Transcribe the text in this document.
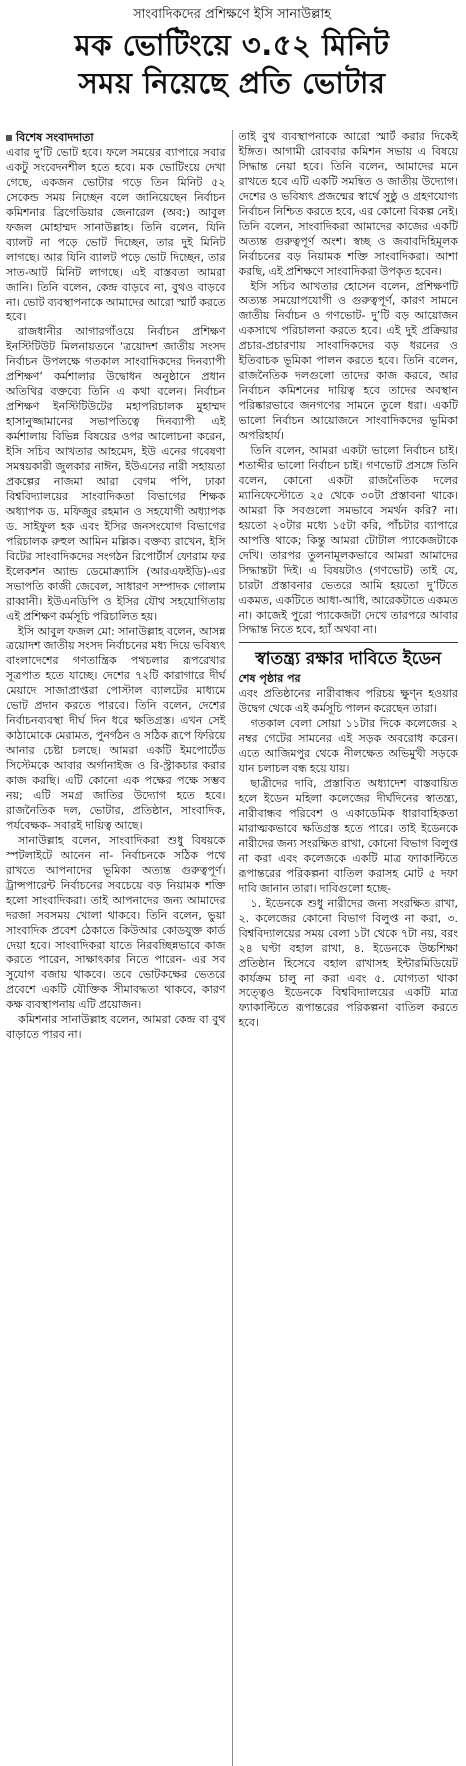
সাংবাদিকদের প্রশিক্ষণে ইসি সানাউল্লাহ
মক ভোটিংয়ে ৩.৫২ মিনিট
সময় নিয়েছে প্রতি ভোটার
বিশেষ সংবাদদাতা

এবার দু’টি ভোট হবে। ফলে সময়ের ব্যাপারে সবার একটু সংবেদনশীল হতে হবে। মক ভোটিংয়ে দেখা গেছে, একজন ভোটার গড়ে তিন মিনিট ৫২ সেকেন্ড সময় নিচ্ছেন বলে জানিয়েছেন নির্বাচন কমিশনার ব্রিগেডিয়ার জেনারেল (অব:) আবুল ফজল মোহাম্মদ সানাউল্লাহ। তিনি বলেন, যিনি ব্যালট না পড়ে ভোট দিচ্ছেন, তার দুই মিনিট লাগছে। আর যিনি ব্যালট পড়ে ভোট দিচ্ছেন, তার সাত-আট মিনিট লাগছে। এই বাস্তবতা আমরা জানি। তিনি বলেন, কেন্দ্র বাড়বে না, বুথও বাড়বে না। ভোট ব্যবস্থাপনাকে আমাদের আরো স্মার্ট করতে হবে।

রাজধানীর আগারগাঁওয়ে নির্বাচন প্রশিক্ষণ ইনস্টিটিউট মিলনায়তনে ‘ত্রয়োদশ জাতীয় সংসদ নির্বাচন উপলক্ষে গতকাল সাংবাদিকদের দিনব্যাপী প্রশিক্ষণ’ কর্মশালার উদ্বোধন অনুষ্ঠানে প্রধান অতিথির বক্তব্যে তিনি এ কথা বলেন। নির্বাচন প্রশিক্ষণ ইনস্টিটিউটের মহাপরিচালক মুহাম্মদ হাসানুজ্জামানের সভাপতিত্বে দিনব্যাপী এই কর্মশালায় বিভিন্ন বিষয়ের ওপর আলোচনা করেন, ইসি সচিব আখতার আহমেদ, ইউ এনের গবেষণা সমন্বয়কারী জুলকার নাঈন, ইউএনের নারী সহায়তা প্রকল্পের নাজমা আরা বেগম পপি, ঢাকা বিশ্ববিদ্যালয়ের সাংবাদিকতা বিভাগের শিক্ষক অধ্যাপক ড. মফিজুর রহমান ও সহযোগী অধ্যাপক ড. সাইফুল হক এবং ইসির জনসংযোগ বিভাগের পরিচালক রুহুল আমিন মল্লিক। বক্তব্য রাখেন, ইসি বিটের সাংবাদিকদের সংগঠন রিপোর্টার্স ফোরাম ফর ইলেকশন অ্যান্ড ডেমোক্র্যাসি (আরএফইডি)-এর সভাপতি কাজী জেবেল, সাধারণ সম্পাদক গোলাম রাব্বানী। ইউএনডিপি ও ইসির যৌথ সহযোগিতায় এই প্রশিক্ষণ কর্মসূচি পরিচালিত হয়।

ইসি আবুল ফজল মো: সানাউল্লাহ বলেন, আসন্ন ত্রয়োদশ জাতীয় সংসদ নির্বাচনের মধ্য দিয়ে ভবিষ্যৎ বাংলাদেশের গণতান্ত্রিক পথচলার রূপরেখার সূত্রপাত হতে যাচ্ছে। দেশের ৭২টি কারাগারে দীর্ঘ মেয়াদে সাজাপ্রাপ্তরা পোস্টাল ব্যালটের মাধ্যমে ভোট প্রদান করতে পারবে। তিনি বলেন, দেশের নির্বাচনব্যবস্থা দীর্ঘ দিন ধরে ক্ষতিগ্রস্ত। এখন সেই কাঠামোকে মেরামত, পুনর্গঠন ও সঠিক রূপে ফিরিয়ে আনার চেষ্টা চলছে। আমরা একটি ইমপোর্টেড সিস্টেমকে আবার অর্গানাইজ ও রি-স্ট্রাকচার করার কাজ করছি। এটি কোনো এক পক্ষের পক্ষে সম্ভব নয়; এটি সমগ্র জাতির উদ্যোগ হতে হবে। রাজনৈতিক দল, ভোটার, প্রতিষ্ঠান, সাংবাদিক, পর্যবেক্ষক- সবারই দায়িত্ব আছে।

সানাউল্লাহ বলেন, সাংবাদিকরা শুধু বিষয়কে স্পটলাইটে আনেন না- নির্বাচনকে সঠিক পথে রাখতে আপনাদের ভূমিকা অত্যন্ত গুরুত্বপূর্ণ। ট্রান্সপারেন্ট নির্বাচনের সবচেয়ে বড় নিয়ামক শক্তি হলো সাংবাদিকরা। তাই আপনাদের জন্য আমাদের দরজা সবসময় খোলা থাকবে। তিনি বলেন, ভুয়া সাংবাদিক প্রবেশ ঠেকাতে কিউআর কোডযুক্ত কার্ড দেয়া হবে। সাংবাদিকরা যাতে নিরবচ্ছিন্নভাবে কাজ করতে পারেন, সাক্ষাৎকার নিতে পারেন- এর সব সুযোগ বজায় থাকবে। তবে ভোটকক্ষের ভেতরে প্রবেশে একটি যৌক্তিক সীমাবদ্ধতা থাকবে, কারণ কক্ষ ব্যবস্থাপনায় এটি প্রয়োজন।

কমিশনার সানাউল্লাহ বলেন, আমরা কেন্দ্র বা বুথ বাড়াতে পারব না।

তাই বুথ ব্যবস্থাপনাকে আরো স্মার্ট করার দিকেই ইঙ্গিত। আগামী রোববার কমিশন সভায় এ বিষয়ে সিদ্ধান্ত নেয়া হবে। তিনি বলেন, আমাদের মনে রাখতে হবে এটি একটি সমন্বিত ও জাতীয় উদ্যোগ। দেশের ও ভবিষ্যৎ প্রজন্মের স্বার্থে সুষ্ঠু ও গ্রহণযোগ্য নির্বাচন নিশ্চিত করতে হবে, এর কোনো বিকল্প নেই। তিনি বলেন, সাংবাদিকরা আমাদের কাজের একটি অত্যন্ত গুরুত্বপূর্ণ অংশ। স্বচ্ছ ও জবাবদিহিমূলক নির্বাচনের বড় নিয়ামক শক্তি সাংবাদিকরা। আশা করছি, এই প্রশিক্ষণে সাংবাদিকরা উপকৃত হবেন।

ইসি সচিব আখতার হোসেন বলেন, প্রশিক্ষণটি অত্যন্ত সময়োপযোগী ও গুরুত্বপূর্ণ, কারণ সামনে জাতীয় নির্বাচন ও গণভোট- দু’টি বড় আয়োজন একসাথে পরিচালনা করতে হবে। এই দুই প্রক্রিয়ার প্রচার-প্রচারণায় সাংবাদিকদের বড় ধরনের ও ইতিবাচক ভূমিকা পালন করতে হবে। তিনি বলেন, রাজনৈতিক দলগুলো তাদের কাজ করবে, আর নির্বাচন কমিশনের দায়িত্ব হবে তাদের অবস্থান পরিষ্কারভাবে জনগণের সামনে তুলে ধরা। একটি ভালো নির্বাচন আয়োজনে সাংবাদিকদের ভূমিকা অপরিহার্য।

তিনি বলেন, আমরা একটা ভালো নির্বাচন চাই। শতাব্দীর ভালো নির্বাচন চাই। গণভোট প্রসঙ্গে তিনি বলেন, কোনো একটা রাজনৈতিক দলের ম্যানিফেস্টোতে ২৫ থেকে ৩০টা প্রস্তাবনা থাকে। আমরা কি সবগুলো সমভাবে সমর্থন করি? না। হয়তো ২০টার মধ্যে ১৫টা করি, পাঁচটার ব্যাপারে আপত্তি থাকে; কিন্তু আমরা টোটাল প্যাকেজটাকে দেখি। তারপর তুলনামূলকভাবে আমরা আমাদের সিদ্ধান্তটা দিই। এ বিষয়টাও (গণভোট) তাই যে, চারটা প্রস্তাবনার ভেতরে আমি হয়তো দু’টিতে একমত, একটিতে আধা-আধি, আরেকটাতে একমত না। কাজেই পুরো প্যাকেজটা দেখে তারপরে আবার সিদ্ধান্ত নিতে হবে, হ্যাঁ অথবা না।

স্বাতন্ত্র্য রক্ষার দাবিতে ইডেন
শেষ পৃষ্ঠার পর

এবং প্রতিষ্ঠানের নারীবান্ধব পরিচয় ক্ষুণ্ন হওয়ার উদ্বেগ থেকে এই কর্মসূচি পালন করেছেন তারা।

গতকাল বেলা সোয়া ১১টার দিকে কলেজের ২ নম্বর গেটের সামনের এই সড়ক অবরোধ করেন। এতে আজিমপুর থেকে নীলক্ষেত অভিমুখী সড়কে যান চলাচল বন্ধ হয়ে যায়।

ছাত্রীদের দাবি, প্রস্তাবিত অধ্যাদেশ বাস্তবায়িত হলে ইডেন মহিলা কলেজের দীর্ঘদিনের স্বাতন্ত্র্য, নারীবান্ধব পরিবেশ ও একাডেমিক ধারাবাহিকতা মারাত্মকভাবে ক্ষতিগ্রস্ত হতে পারে। তাই ইডেনকে নারীদের জন্য সংরক্ষিত রাখা, কোনো বিভাগ বিলুপ্ত না করা এবং কলেজকে একটি মাত্র ফ্যাকাল্টিতে রূপান্তরের পরিকল্পনা বাতিল করাসহ মোট ৫ দফা দাবি জানান তারা। দাবিগুলো হচ্ছে-

১. ইডেনকে শুধু নারীদের জন্য সংরক্ষিত রাখা, ২. কলেজের কোনো বিভাগ বিলুপ্ত না করা, ৩. বিশ্ববিদ্যালয়ের সময় বেলা ১টা থেকে ৭টা নয়, বরং ২৪ ঘণ্টা বহাল রাখা, ৪. ইডেনকে উচ্চশিক্ষা প্রতিষ্ঠান হিসেবে বহাল রাখাসহ ইন্টারমিডিয়েট কার্যক্রম চালু না করা এবং ৫. যোগ্যতা থাকা সত্ত্বেও ইডেনকে বিশ্ববিদ্যালয়ের একটি মাত্র ফ্যাকাল্টিতে রূপান্তরের পরিকল্পনা বাতিল করতে হবে।
